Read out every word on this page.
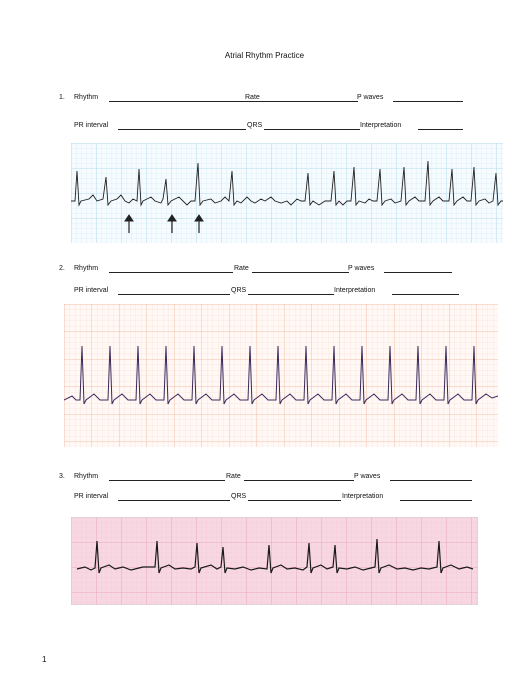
Atrial Rhythm Practice
1. Rhythm	Rate	P waves
PR interval	QRS	Interpretation
2. Rhythm	Rate	P waves
PR interval	QRS	Interpretation
3. Rhythm	Rate	P waves
PR interval	QRS	Interpretation
1
